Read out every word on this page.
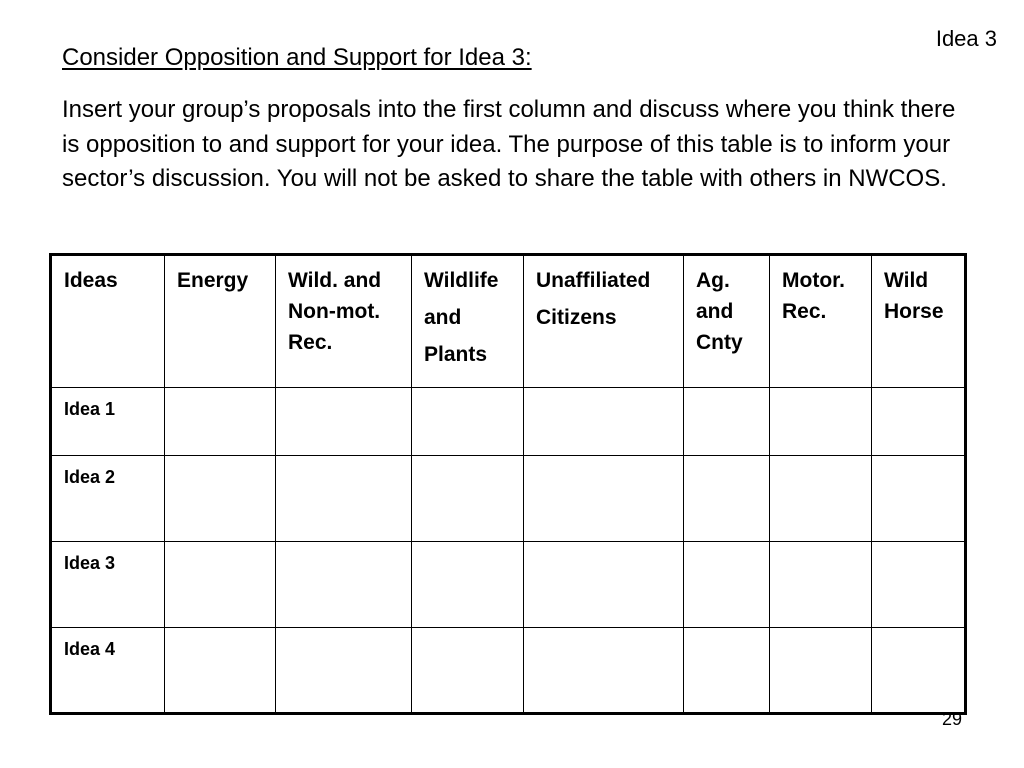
Idea 3
Consider Opposition and Support for Idea 3:

Insert your group’s proposals into the first column and discuss where you think there is opposition to and support for your idea. The purpose of this table is to inform your sector’s discussion. You will not be asked to share the table with others in NWCOS.

Ideas	Energy	Wild. and Non-mot. Rec.	Wildlife and Plants	Unaffiliated Citizens	Ag. and Cnty	Motor. Rec.	Wild Horse
Idea 1							
Idea 2							
Idea 3							
Idea 4							
29
